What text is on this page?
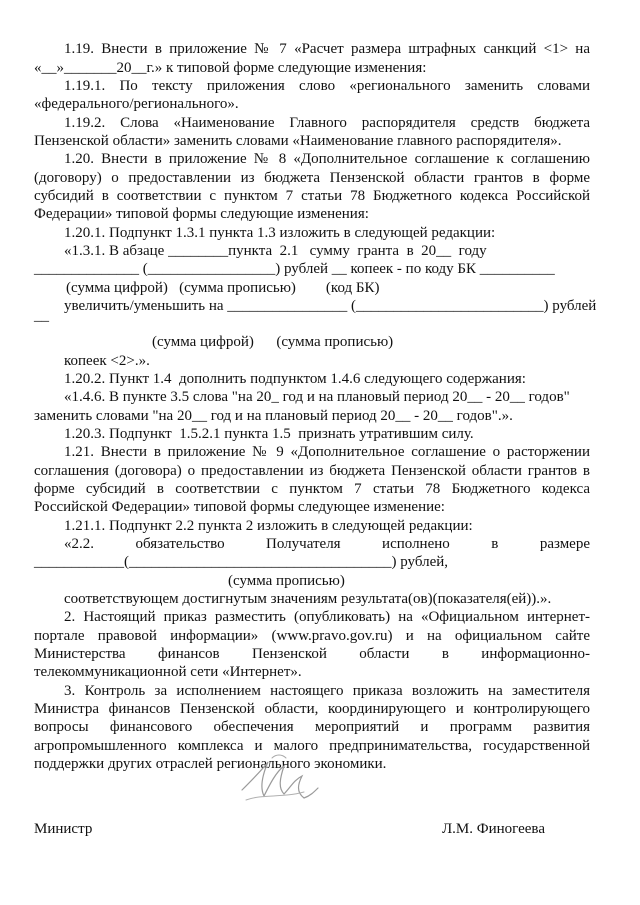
1.19. Внести в приложение № 7 «Расчет размера штрафных санкций <1> на
«__»_______20__г.» к типовой форме следующие изменения:
1.19.1. По тексту приложения слово «регионального заменить словами
«федерального/регионального».
1.19.2. Слова «Наименование Главного распорядителя средств бюджета
Пензенской области» заменить словами «Наименование главного распорядителя».
1.20. Внести в приложение № 8 «Дополнительное соглашение к соглашению
(договору) о предоставлении из бюджета Пензенской области грантов в форме
субсидий в соответствии с пунктом 7 статьи 78 Бюджетного кодекса Российской
Федерации» типовой формы следующие изменения:
1.20.1. Подпункт 1.3.1 пункта 1.3 изложить в следующей редакции:
«1.3.1. В абзаце ________пункта  2.1   сумму  гранта  в  20__  году
______________ (_________________) рублей __ копеек - по коду БК __________
(сумма цифрой)   (сумма прописью)        (код БК)
увеличить/уменьшить на ________________ (_________________________) рублей
__
(сумма цифрой)      (сумма прописью)
копеек <2>.».
1.20.2. Пункт 1.4  дополнить подпунктом 1.4.6 следующего содержания:
«1.4.6. В пункте 3.5 слова "на 20_ год и на плановый период 20__ - 20__ годов"
заменить словами "на 20__ год и на плановый период 20__ - 20__ годов".».
1.20.3. Подпункт  1.5.2.1 пункта 1.5  признать утратившим силу.
1.21. Внести в приложение № 9 «Дополнительное соглашение о расторжении
соглашения (договора) о предоставлении из бюджета Пензенской области грантов в
форме субсидий в соответствии с пунктом 7 статьи 78 Бюджетного кодекса
Российской Федерации» типовой формы следующее изменение:
1.21.1. Подпункт 2.2 пункта 2 изложить в следующей редакции:
«2.2. обязательство Получателя исполнено в размере
____________(___________________________________) рублей,
(сумма прописью)
соответствующем достигнутым значениям результата(ов)(показателя(ей)).».
2. Настоящий приказ разместить (опубликовать) на «Официальном интернет-
портале правовой информации» (www.pravo.gov.ru) и на официальном сайте
Министерства финансов Пензенской области в информационно-
телекоммуникационной сети «Интернет».
3. Контроль за исполнением настоящего приказа возложить на заместителя
Министра финансов Пензенской области, координирующего и контролирующего
вопросы финансового обеспечения мероприятий и программ развития
агропромышленного комплекса и малого предпринимательства, государственной
поддержки других отраслей регионального экономики.
Министр	Л.М. Финогеева
